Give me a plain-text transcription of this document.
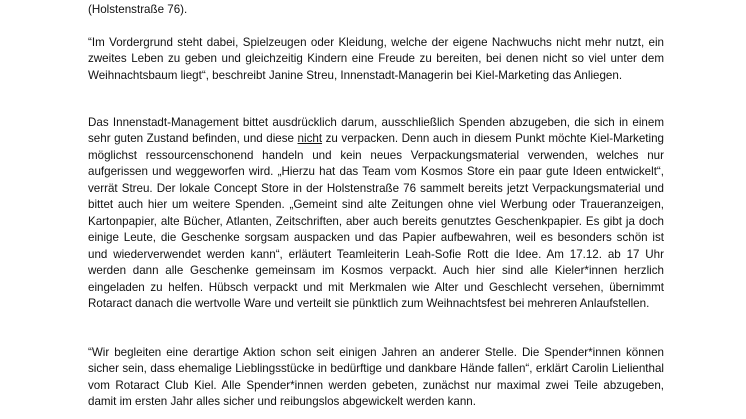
(Holstenstraße 76).
“Im Vordergrund steht dabei, Spielzeugen oder Kleidung, welche der eigene Nachwuchs nicht mehr nutzt, ein zweites Leben zu geben und gleichzeitig Kindern eine Freude zu bereiten, bei denen nicht so viel unter dem Weihnachtsbaum liegt“, beschreibt Janine Streu, Innenstadt-Managerin bei Kiel-Marketing das Anliegen.
Das Innenstadt-Management bittet ausdrücklich darum, ausschließlich Spenden abzugeben, die sich in einem sehr guten Zustand befinden, und diese nicht zu verpacken. Denn auch in diesem Punkt möchte Kiel-Marketing möglichst ressourcenschonend handeln und kein neues Verpackungsmaterial verwenden, welches nur aufgerissen und weggeworfen wird. „Hierzu hat das Team vom Kosmos Store ein paar gute Ideen entwickelt“, verrät Streu. Der lokale Concept Store in der Holstenstraße 76 sammelt bereits jetzt Verpackungsmaterial und bittet auch hier um weitere Spenden. „Gemeint sind alte Zeitungen ohne viel Werbung oder Traueranzeigen, Kartonpapier, alte Bücher, Atlanten, Zeitschriften, aber auch bereits genutztes Geschenkpapier. Es gibt ja doch einige Leute, die Geschenke sorgsam auspacken und das Papier aufbewahren, weil es besonders schön ist und wiederverwendet werden kann“, erläutert Teamleiterin Leah-Sofie Rott die Idee. Am 17.12. ab 17 Uhr werden dann alle Geschenke gemeinsam im Kosmos verpackt. Auch hier sind alle Kieler*innen herzlich eingeladen zu helfen. Hübsch verpackt und mit Merkmalen wie Alter und Geschlecht versehen, übernimmt Rotaract danach die wertvolle Ware und verteilt sie pünktlich zum Weihnachtsfest bei mehreren Anlaufstellen.
“Wir begleiten eine derartige Aktion schon seit einigen Jahren an anderer Stelle. Die Spender*innen können sicher sein, dass ehemalige Lieblingsstücke in bedürftige und dankbare Hände fallen“, erklärt Carolin Lielienthal vom Rotaract Club Kiel. Alle Spender*innen werden gebeten, zunächst nur maximal zwei Teile abzugeben, damit im ersten Jahr alles sicher und reibungslos abgewickelt werden kann.
